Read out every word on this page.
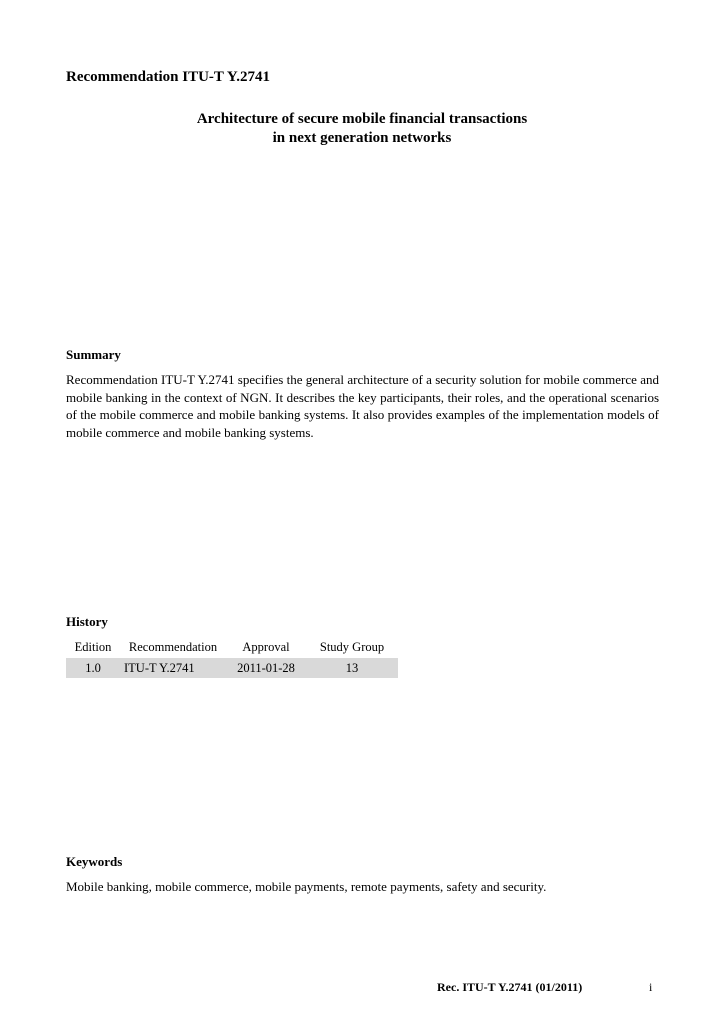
Recommendation ITU-T Y.2741
Architecture of secure mobile financial transactions
in next generation networks
Summary
Recommendation ITU-T Y.2741 specifies the general architecture of a security solution for mobile commerce and mobile banking in the context of NGN. It describes the key participants, their roles, and the operational scenarios of the mobile commerce and mobile banking systems. It also provides examples of the implementation models of mobile commerce and mobile banking systems.
History
Edition	Recommendation	Approval	Study Group
1.0	ITU-T Y.2741	2011-01-28	13
Keywords
Mobile banking, mobile commerce, mobile payments, remote payments, safety and security.
Rec. ITU-T Y.2741 (01/2011)	i
